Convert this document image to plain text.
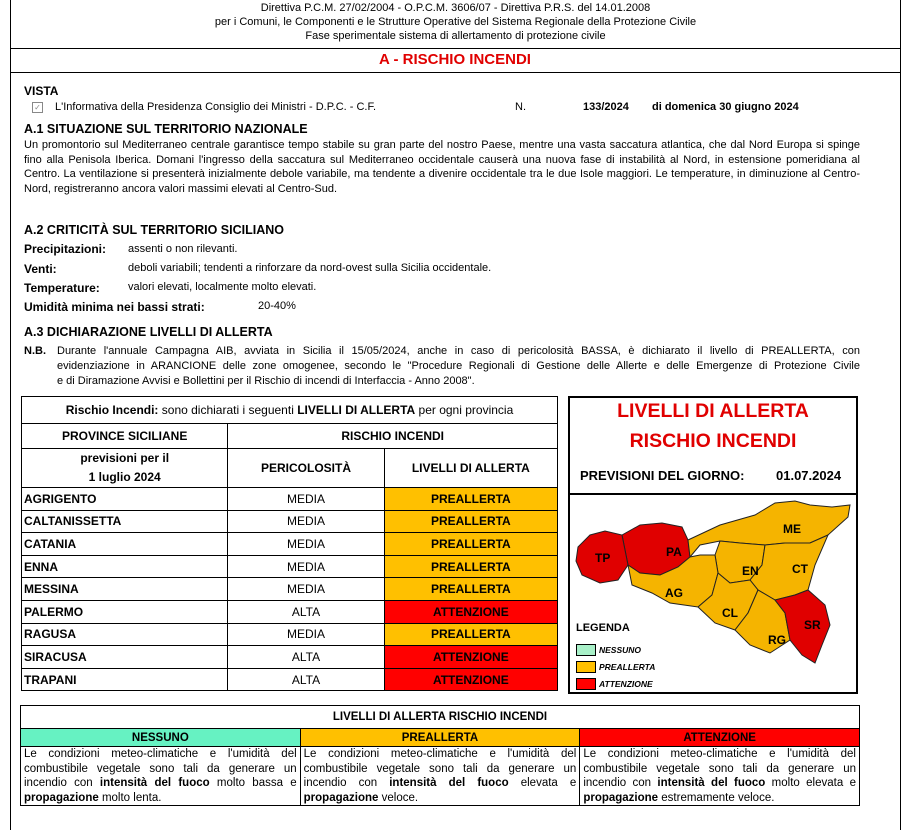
Direttiva P.C.M. 27/02/2004 - O.P.C.M. 3606/07 - Direttiva P.R.S. del 14.01.2008
per i Comuni, le Componenti e le Strutture Operative del Sistema Regionale della Protezione Civile
Fase sperimentale sistema di allertamento di protezione civile
A - RISCHIO INCENDI
VISTA
✓ L'Informativa della Presidenza Consiglio dei Ministri - D.P.C. - C.F.	N.	133/2024 di domenica 30 giugno 2024
A.1 SITUAZIONE SUL TERRITORIO NAZIONALE
Un promontorio sul Mediterraneo centrale garantisce tempo stabile su gran parte del nostro Paese, mentre una vasta saccatura atlantica, che dal Nord Europa si spinge fino alla Penisola Iberica. Domani l'ingresso della saccatura sul Mediterraneo occidentale causerà una nuova fase di instabilità al Nord, in estensione pomeridiana al Centro. La ventilazione si presenterà inizialmente debole variabile, ma tendente a divenire occidentale tra le due Isole maggiori. Le temperature, in diminuzione al Centro-Nord, registreranno ancora valori massimi elevati al Centro-Sud.
A.2 CRITICITÀ SUL TERRITORIO SICILIANO
Precipitazioni: assenti o non rilevanti.
Venti:	deboli variabili; tendenti a rinforzare da nord-ovest sulla Sicilia occidentale.
Temperature:	valori elevati, localmente molto elevati.
Umidità minima nei bassi strati:	20-40%
A.3 DICHIARAZIONE LIVELLI DI ALLERTA
N.B. Durante l'annuale Campagna AIB, avviata in Sicilia il 15/05/2024, anche in caso di pericolosità BASSA, è dichiarato il livello di PREALLERTA, con
evidenziazione in ARANCIONE delle zone omogenee, secondo le "Procedure Regionali di Gestione delle Allerte e delle Emergenze di Protezione Civile
e di Diramazione Avvisi e Bollettini per il Rischio di incendi di Interfaccia - Anno 2008".
Rischio Incendi: sono dichiarati i seguenti LIVELLI DI ALLERTA per ogni provincia		
PROVINCE SICILIANE	RISCHIO INCENDI	

previsioni per il
1 luglio 2024	PERICOLOSITÀ	LIVELLI DI ALLERTA
AGRIGENTO	MEDIA	PREALLERTA
CALTANISSETTA	MEDIA	PREALLERTA
CATANIA	MEDIA	PREALLERTA
ENNA	MEDIA	PREALLERTA
MESSINA	MEDIA	PREALLERTA
PALERMO	ALTA	ATTENZIONE
RAGUSA	MEDIA	PREALLERTA
SIRACUSA	ALTA	ATTENZIONE
TRAPANI	ALTA	ATTENZIONE
LIVELLI DI ALLERTA
RISCHIO INCENDI
PREVISIONI DEL GIORNO: 01.07.2024
TP	PA
ME
EN	CT
AG
CL
RG
SR
LEGENDA
NESSUNO
PREALLERTA
ATTENZIONE
LIVELLI DI ALLERTA RISCHIO INCENDI		
NESSUNO	PREALLERTA	ATTENZIONE
Le condizioni meteo-climatiche e l'umidità del combustibile vegetale sono tali da generare un incendio con intensità del fuoco molto bassa e propagazione molto lenta.	Le condizioni meteo-climatiche e l'umidità del combustibile vegetale sono tali da generare un incendio con intensità del fuoco elevata e propagazione veloce.	Le condizioni meteo-climatiche e l'umidità del combustibile vegetale sono tali da generare un incendio con intensità del fuoco molto elevata e propagazione estremamente veloce.
